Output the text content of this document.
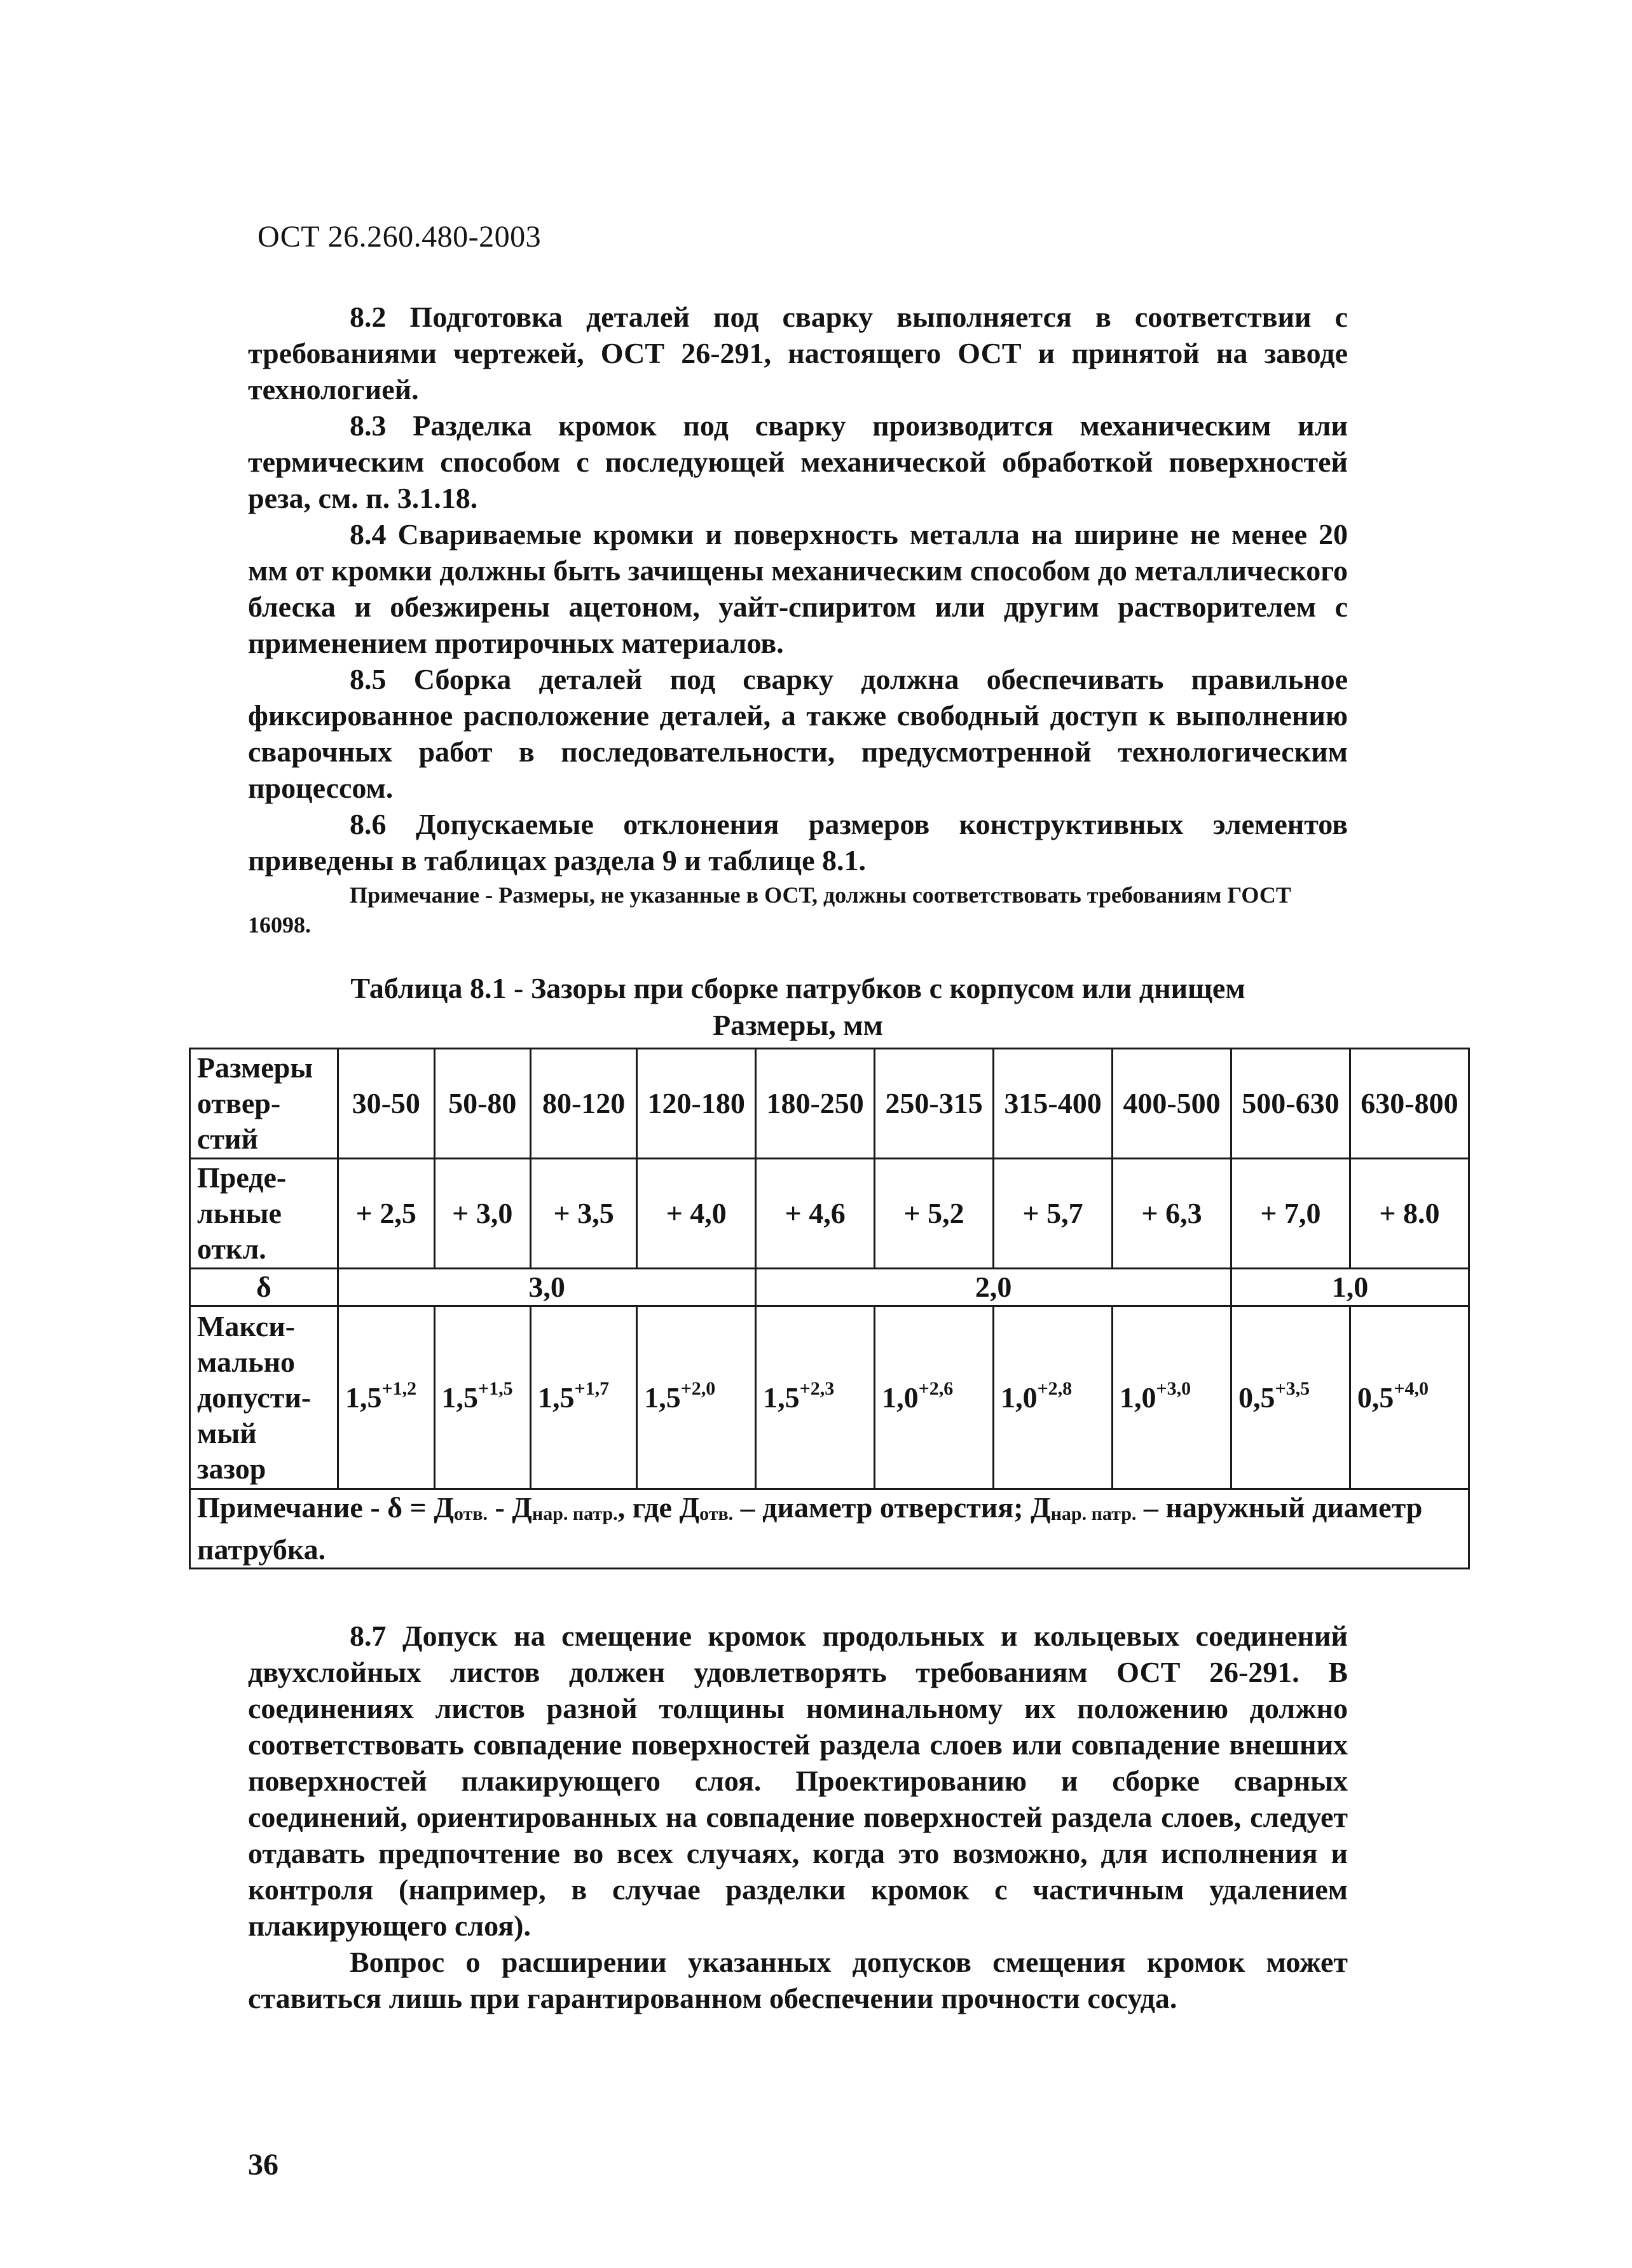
ОСТ 26.260.480-2003

8.2 Подготовка деталей под сварку выполняется в соответствии с требованиями чертежей, ОСТ 26-291, настоящего ОСТ и принятой на заводе технологией.

8.3 Разделка кромок под сварку производится механическим или термическим способом с последующей механической обработкой поверхностей реза, см. п. 3.1.18.

8.4 Свариваемые кромки и поверхность металла на ширине не менее 20 мм от кромки должны быть зачищены механическим способом до металлического блеска и обезжирены ацетоном, уайт-спиритом или другим растворителем с применением протирочных материалов.

8.5 Сборка деталей под сварку должна обеспечивать правильное фиксированное расположение деталей, а также свободный доступ к выполнению сварочных работ в последовательности, предусмотренной технологическим процессом.

8.6 Допускаемые отклонения размеров конструктивных элементов приведены в таблицах раздела 9 и таблице 8.1.

Примечание - Размеры, не указанные в ОСТ, должны соответствовать требованиям ГОСТ 16098.

Таблица 8.1 - Зазоры при сборке патрубков с корпусом или днищем
Размеры, мм
Размеры отвер-стий	30-50	50-80	80-120	120-180	180-250	250-315	315-400	400-500	500-630	630-800
Преде-льные откл.	+ 2,5	+ 3,0	+ 3,5	+ 4,0	+ 4,6	+ 5,2	+ 5,7	+ 6,3	+ 7,0	+ 8.0
δ	3,0				2,0				1,0	
Макси-мально допусти-мый зазор	$1,5^{+1,2}$	$1,5^{+1,5}$	$1,5^{+1,7}$	$1,5^{+2,0}$	$1,5^{+2,3}$	$1,0^{+2,6}$	$1,0^{+2,8}$	$1,0^{+3,0}$	$0,5^{+3,5}$	$0,5^{+4,0}$
Примечание - $\delta = Д_{отв.} - Д_{нар. патр.}$, где $Д_{отв.}$ – диаметр отверстия; $Д_{нар. патр.}$ – наружный диаметр патрубка.										

8.7 Допуск на смещение кромок продольных и кольцевых соединений двухслойных листов должен удовлетворять требованиям ОСТ 26-291. В соединениях листов разной толщины номинальному их положению должно соответствовать совпадение поверхностей раздела слоев или совпадение внешних поверхностей плакирующего слоя. Проектированию и сборке сварных соединений, ориентированных на совпадение поверхностей раздела слоев, следует отдавать предпочтение во всех случаях, когда это возможно, для исполнения и контроля (например, в случае разделки кромок с частичным удалением плакирующего слоя).

Вопрос о расширении указанных допусков смещения кромок может ставиться лишь при гарантированном обеспечении прочности сосуда.

36
